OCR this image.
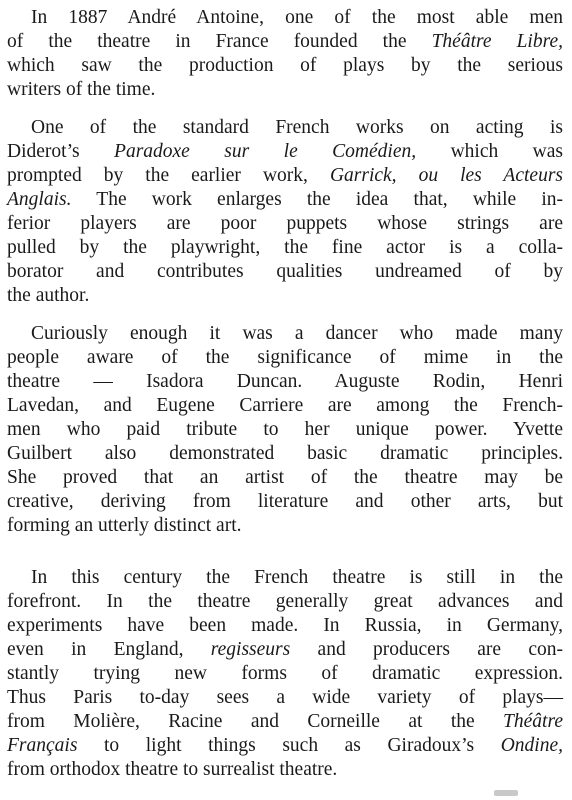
In 1887 André Antoine, one of the most able men
of the theatre in France founded the Théâtre Libre,
which saw the production of plays by the serious
writers of the time.
One of the standard French works on acting is
Diderot’s Paradoxe sur le Comédien, which was
prompted by the earlier work, Garrick, ou les Acteurs
Anglais. The work enlarges the idea that, while in-
ferior players are poor puppets whose strings are
pulled by the playwright, the fine actor is a colla-
borator and contributes qualities undreamed of by
the author.
Curiously enough it was a dancer who made many
people aware of the significance of mime in the
theatre — Isadora Duncan. Auguste Rodin, Henri
Lavedan, and Eugene Carriere are among the French-
men who paid tribute to her unique power. Yvette
Guilbert also demonstrated basic dramatic principles.
She proved that an artist of the theatre may be
creative, deriving from literature and other arts, but
forming an utterly distinct art.
In this century the French theatre is still in the
forefront. In the theatre generally great advances and
experiments have been made. In Russia, in Germany,
even in England, regisseurs and producers are con-
stantly trying new forms of dramatic expression.
Thus Paris to-day sees a wide variety of plays—
from Molière, Racine and Corneille at the Théâtre
Français to light things such as Giradoux’s Ondine,
from orthodox theatre to surrealist theatre.
